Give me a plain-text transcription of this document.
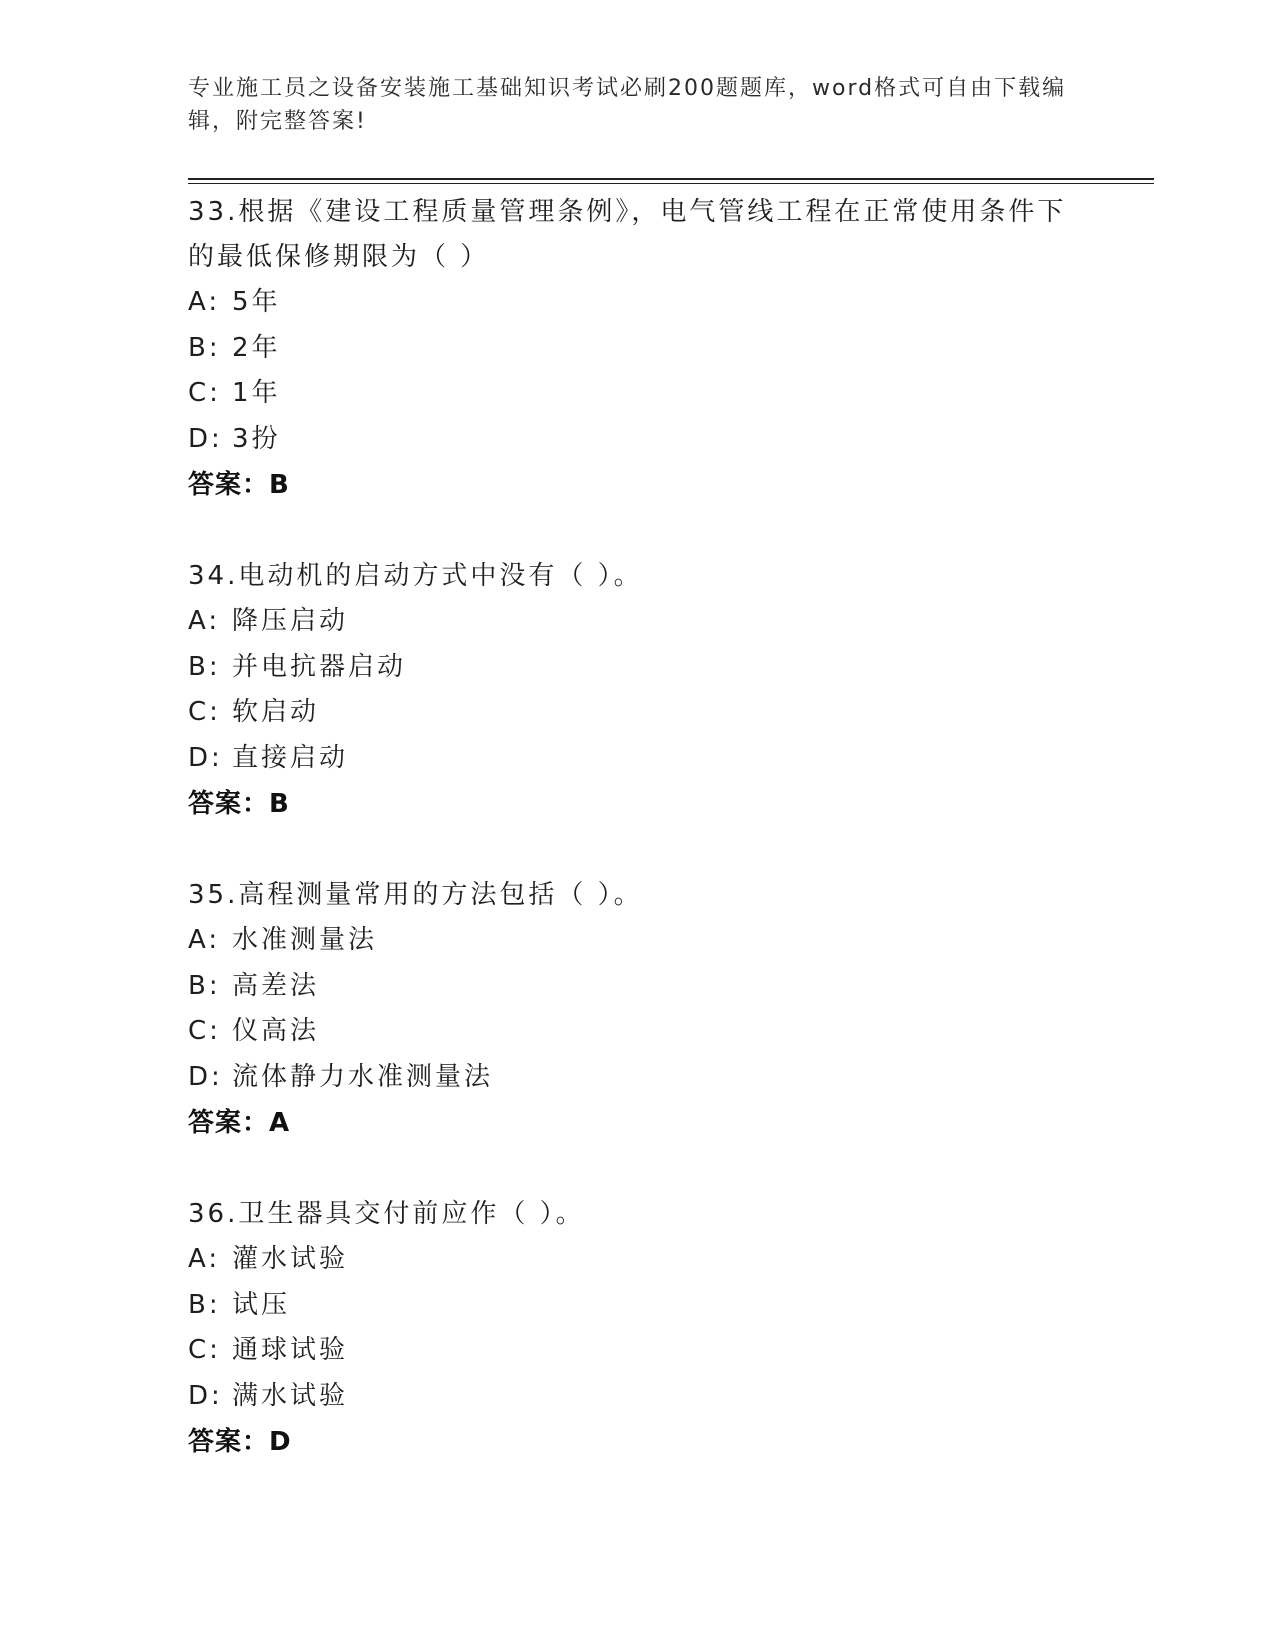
专业施工员之设备安装施工基础知识考试必刷200题题库，word格式可自由下载编辑，附完整答案!
33.根据《建设工程质量管理条例》，电气管线工程在正常使用条件下的最低保修期限为（ ）
A: 5年
B: 2年
C: 1年
D: 3扮
答案：B
34.电动机的启动方式中没有（ ）。
A: 降压启动
B: 并电抗器启动
C: 软启动
D: 直接启动
答案：B
35.高程测量常用的方法包括（ ）。
A: 水准测量法
B: 高差法
C: 仪高法
D: 流体静力水准测量法
答案：A
36.卫生器具交付前应作（ ）。
A: 灌水试验
B: 试压
C: 通球试验
D: 满水试验
答案：D
